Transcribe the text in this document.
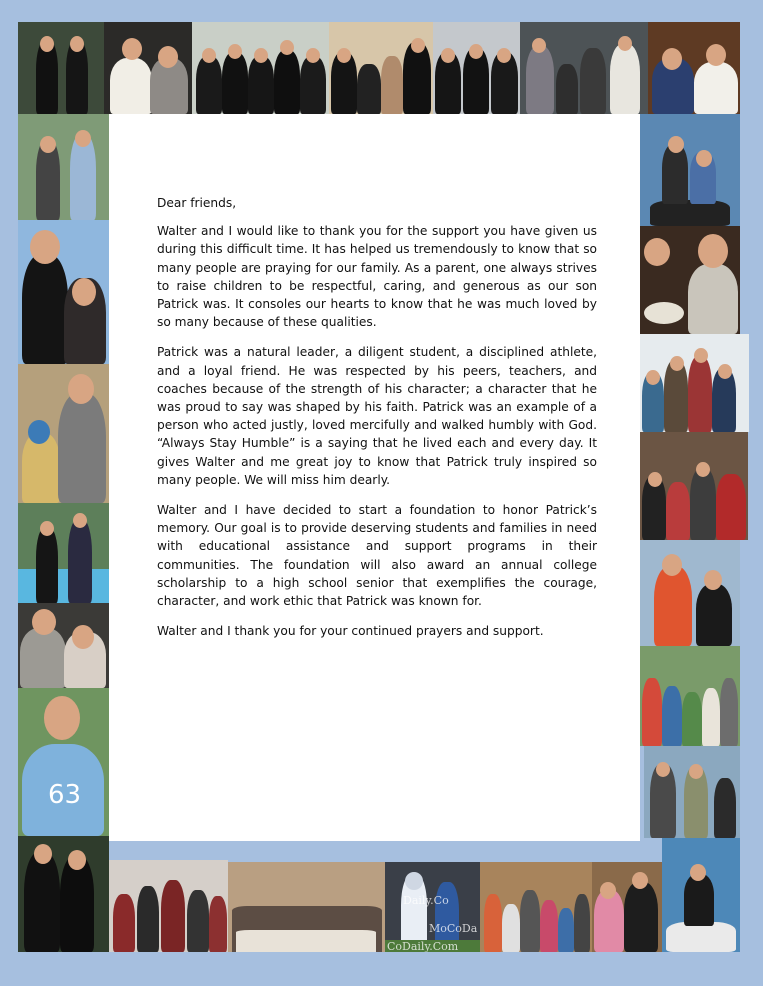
63
Daily.Co
MoCoDa
CoDaily.Com

Dear friends,

Walter and I would like to thank you for the support you have given us during this difficult time. It has helped us tremendously to know that so many people are praying for our family. As a parent, one always strives to raise children to be respectful, caring, and generous as our son Patrick was. It consoles our hearts to know that he was much loved by so many because of these qualities.

Patrick was a natural leader, a diligent student, a disciplined athlete, and a loyal friend. He was respected by his peers, teachers, and coaches because of the strength of his character; a character that he was proud to say was shaped by his faith. Patrick was an example of a person who acted justly, loved mercifully and walked humbly with God. “Always Stay Humble” is a saying that he lived each and every day. It gives Walter and me great joy to know that Patrick truly inspired so many people. We will miss him dearly.

Walter and I have decided to start a foundation to honor Patrick’s memory. Our goal is to provide deserving students and families in need with educational assistance and support programs in their communities. The foundation will also award an annual college scholarship to a high school senior that exemplifies the courage, character, and work ethic that Patrick was known for.

Walter and I thank you for your continued prayers and support.
